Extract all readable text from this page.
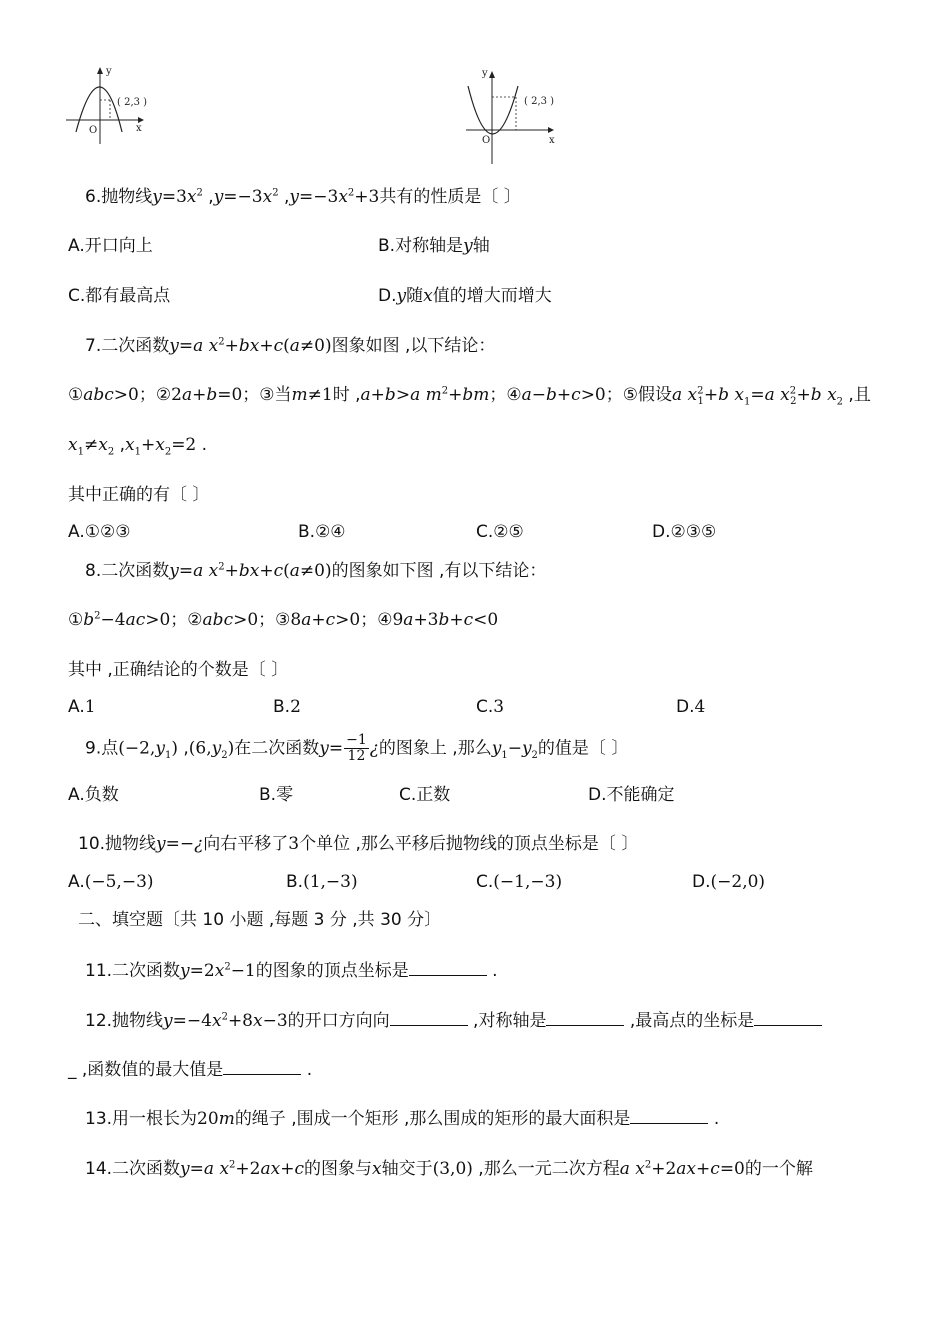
y
x
O
( 2,3 )
y
x
O
( 2,3 )
6.抛物线$y=3x^2$ $,y=-3x^2$ $,y=-3x^2+3$共有的性质是〔 〕
A.开口向上	B.对称轴是y轴
C.都有最高点	D.y随x值的增大而增大
7.二次函数y=a $x^2+bx+c(a\ne 0)$图象如图 ,以下结论：
①abc>0；②2a+b=0；③当m≠1时 ,a+b>a $m^2+bm$；④a−b+c>0；⑤假设a $x^2_1+b$ $x_1=a$ $x^2_2+b$ $x_2$ ,且
$x_1\ne x_2$ $,x_1+x_2=2$ .
其中正确的有〔 〕
A.①②③	B.②④	C.②⑤	D.②③⑤
8.二次函数y=a $x^2+bx+c(a\ne 0)$的图象如下图 ,有以下结论：
$①b^2-4ac>0$；②abc>0；③8a+c>0；④9a+3b+c<0
其中 ,正确结论的个数是〔 〕
A.1	B.2	C.3	D.4
9.点$(-2,y_1)$ $,(6,y_2)$在二次函数$y= \frac{-1}{12}$ ¿的图象上 ,那么$y_1-y_2$的值是〔 〕
A.负数	B.零	C.正数	D.不能确定
10.抛物线y=−¿向右平移了3个单位 ,那么平移后抛物线的顶点坐标是〔 〕
A.(−5,−3)	B.(1,−3)	C.(−1,−3)	D.(−2,0)
二、填空题〔共 10 小题 ,每题 3 分 ,共 30 分〕
11.二次函数$y=2x^2-1$的图象的顶点坐标是	.
12.抛物线$y=-4x^2+8x-3$的开口方向向	,对称轴是	,最高点的坐标是
_ ,函数值的最大值是	.
13.用一根长为20m的绳子 ,围成一个矩形 ,那么围成的矩形的最大面积是	.
14.二次函数y=a $x^2+2ax+c$的图象与x轴交于(3,0) ,那么一元二次方程a $x^2+2ax+c=0$的一个解
